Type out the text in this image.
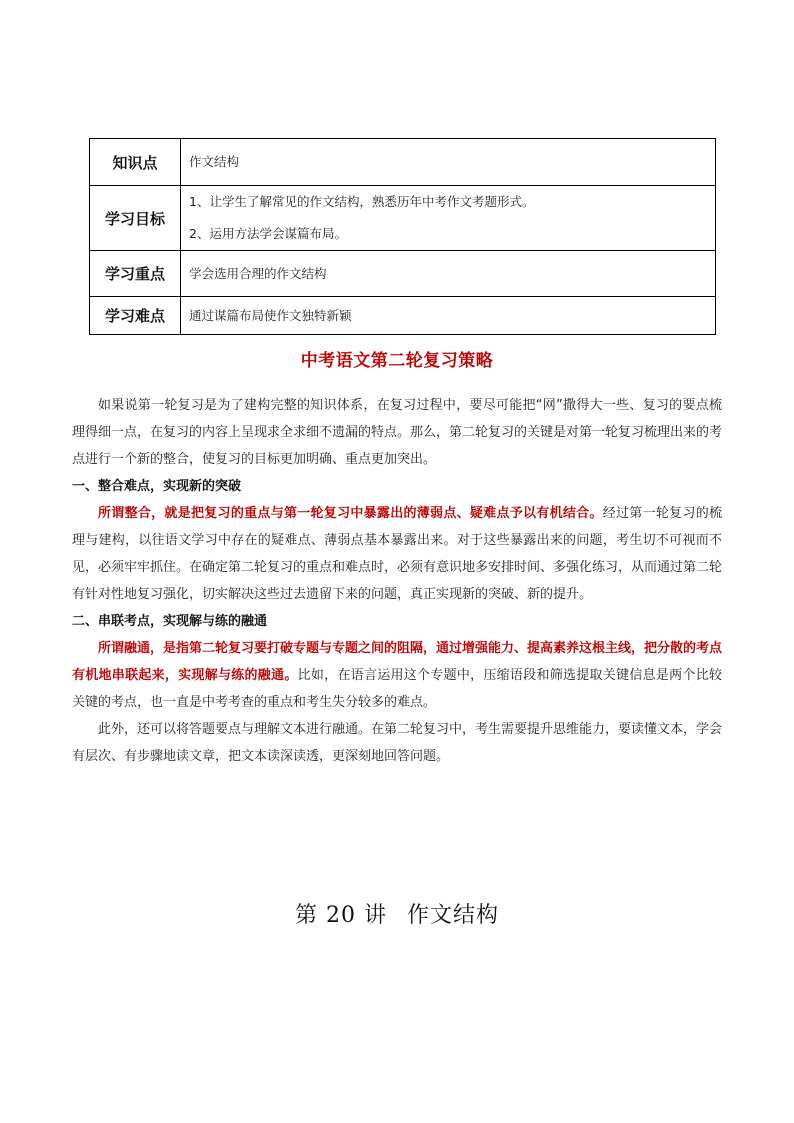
知识点	作文结构

学习目标	1、让学生了解常见的作文结构，熟悉历年中考作文考题形式。
2、运用方法学会谋篇布局。

学习重点	学会选用合理的作文结构

学习难点	通过谋篇布局使作文独特新颖
中考语文第二轮复习策略

如果说第一轮复习是为了建构完整的知识体系，在复习过程中，要尽可能把“网”撒得大一些、复习的要点梳理得细一点，在复习的内容上呈现求全求细不遗漏的特点。那么，第二轮复习的关键是对第一轮复习梳理出来的考点进行一个新的整合，使复习的目标更加明确、重点更加突出。

一、整合难点，实现新的突破

所谓整合，就是把复习的重点与第一轮复习中暴露出的薄弱点、疑难点予以有机结合。经过第一轮复习的梳理与建构，以往语文学习中存在的疑难点、薄弱点基本暴露出来。对于这些暴露出来的问题，考生切不可视而不见，必须牢牢抓住。在确定第二轮复习的重点和难点时，必须有意识地多安排时间、多强化练习，从而通过第二轮有针对性地复习强化，切实解决这些过去遗留下来的问题，真正实现新的突破、新的提升。

二、串联考点，实现解与练的融通

所谓融通，是指第二轮复习要打破专题与专题之间的阻隔，通过增强能力、提高素养这根主线，把分散的考点有机地串联起来，实现解与练的融通。比如，在语言运用这个专题中，压缩语段和筛选提取关键信息是两个比较关键的考点，也一直是中考考查的重点和考生失分较多的难点。

此外，还可以将答题要点与理解文本进行融通。在第二轮复习中，考生需要提升思维能力，要读懂文本，学会有层次、有步骤地读文章，把文本读深读透，更深刻地回答问题。

第 20 讲 作文结构
